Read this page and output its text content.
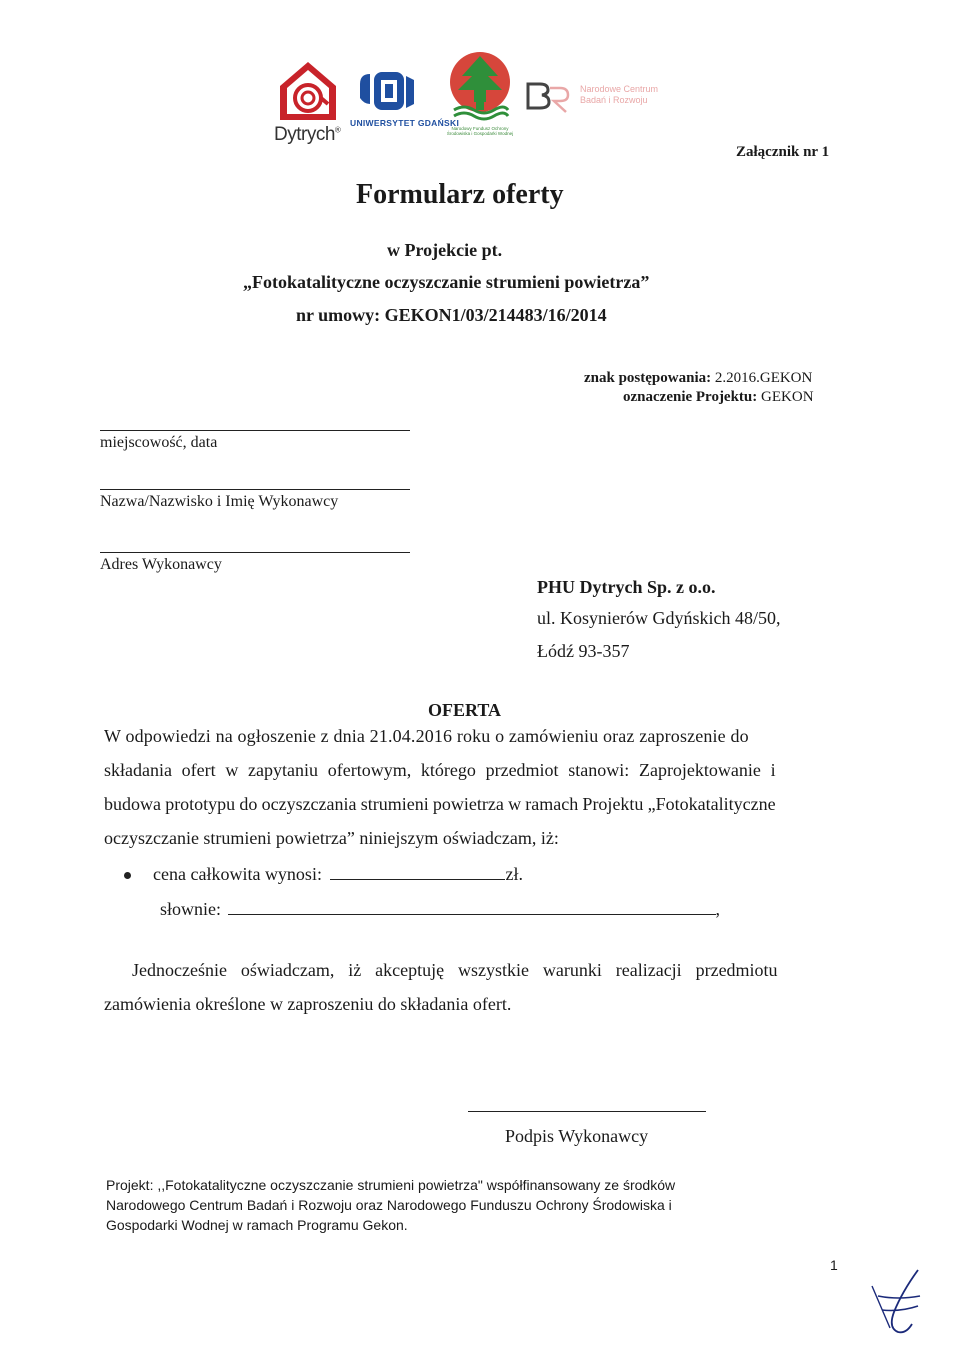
Dytrych®
UNIWERSYTET GDAŃSKI
Narodowy Fundusz Ochrony Środowiska i Gospodarki Wodnej
Narodowe Centrum
Badań i Rozwoju
Załącznik nr 1
Formularz oferty
w Projekcie pt.
„Fotokatalityczne oczyszczanie strumieni powietrza”
nr umowy: GEKON1/03/214483/16/2014
znak postępowania: 2.2016.GEKON
oznaczenie Projektu: GEKON
miejscowość, data
Nazwa/Nazwisko i Imię Wykonawcy
Adres Wykonawcy
PHU Dytrych Sp. z o.o.
ul. Kosynierów Gdyńskich 48/50,
Łódź 93-357
OFERTA
W odpowiedzi na ogłoszenie z dnia 21.04.2016 roku o zamówieniu oraz zaproszenie do
składania ofert w zapytaniu ofertowym, którego przedmiot stanowi: Zaprojektowanie i
budowa prototypu do oczyszczania strumieni powietrza w ramach Projektu „Fotokatalityczne
oczyszczanie strumieni powietrza” niniejszym oświadczam, iż:
cena całkowita wynosi:	zł.
słownie:	,
Jednocześnie oświadczam, iż akceptuję wszystkie warunki realizacji przedmiotu
zamówienia określone w zaproszeniu do składania ofert.
Podpis Wykonawcy
Projekt: ,,Fotokatalityczne oczyszczanie strumieni powietrza" współfinansowany ze środków
Narodowego Centrum Badań i Rozwoju oraz Narodowego Funduszu Ochrony Środowiska i
Gospodarki Wodnej w ramach Programu Gekon.
1
